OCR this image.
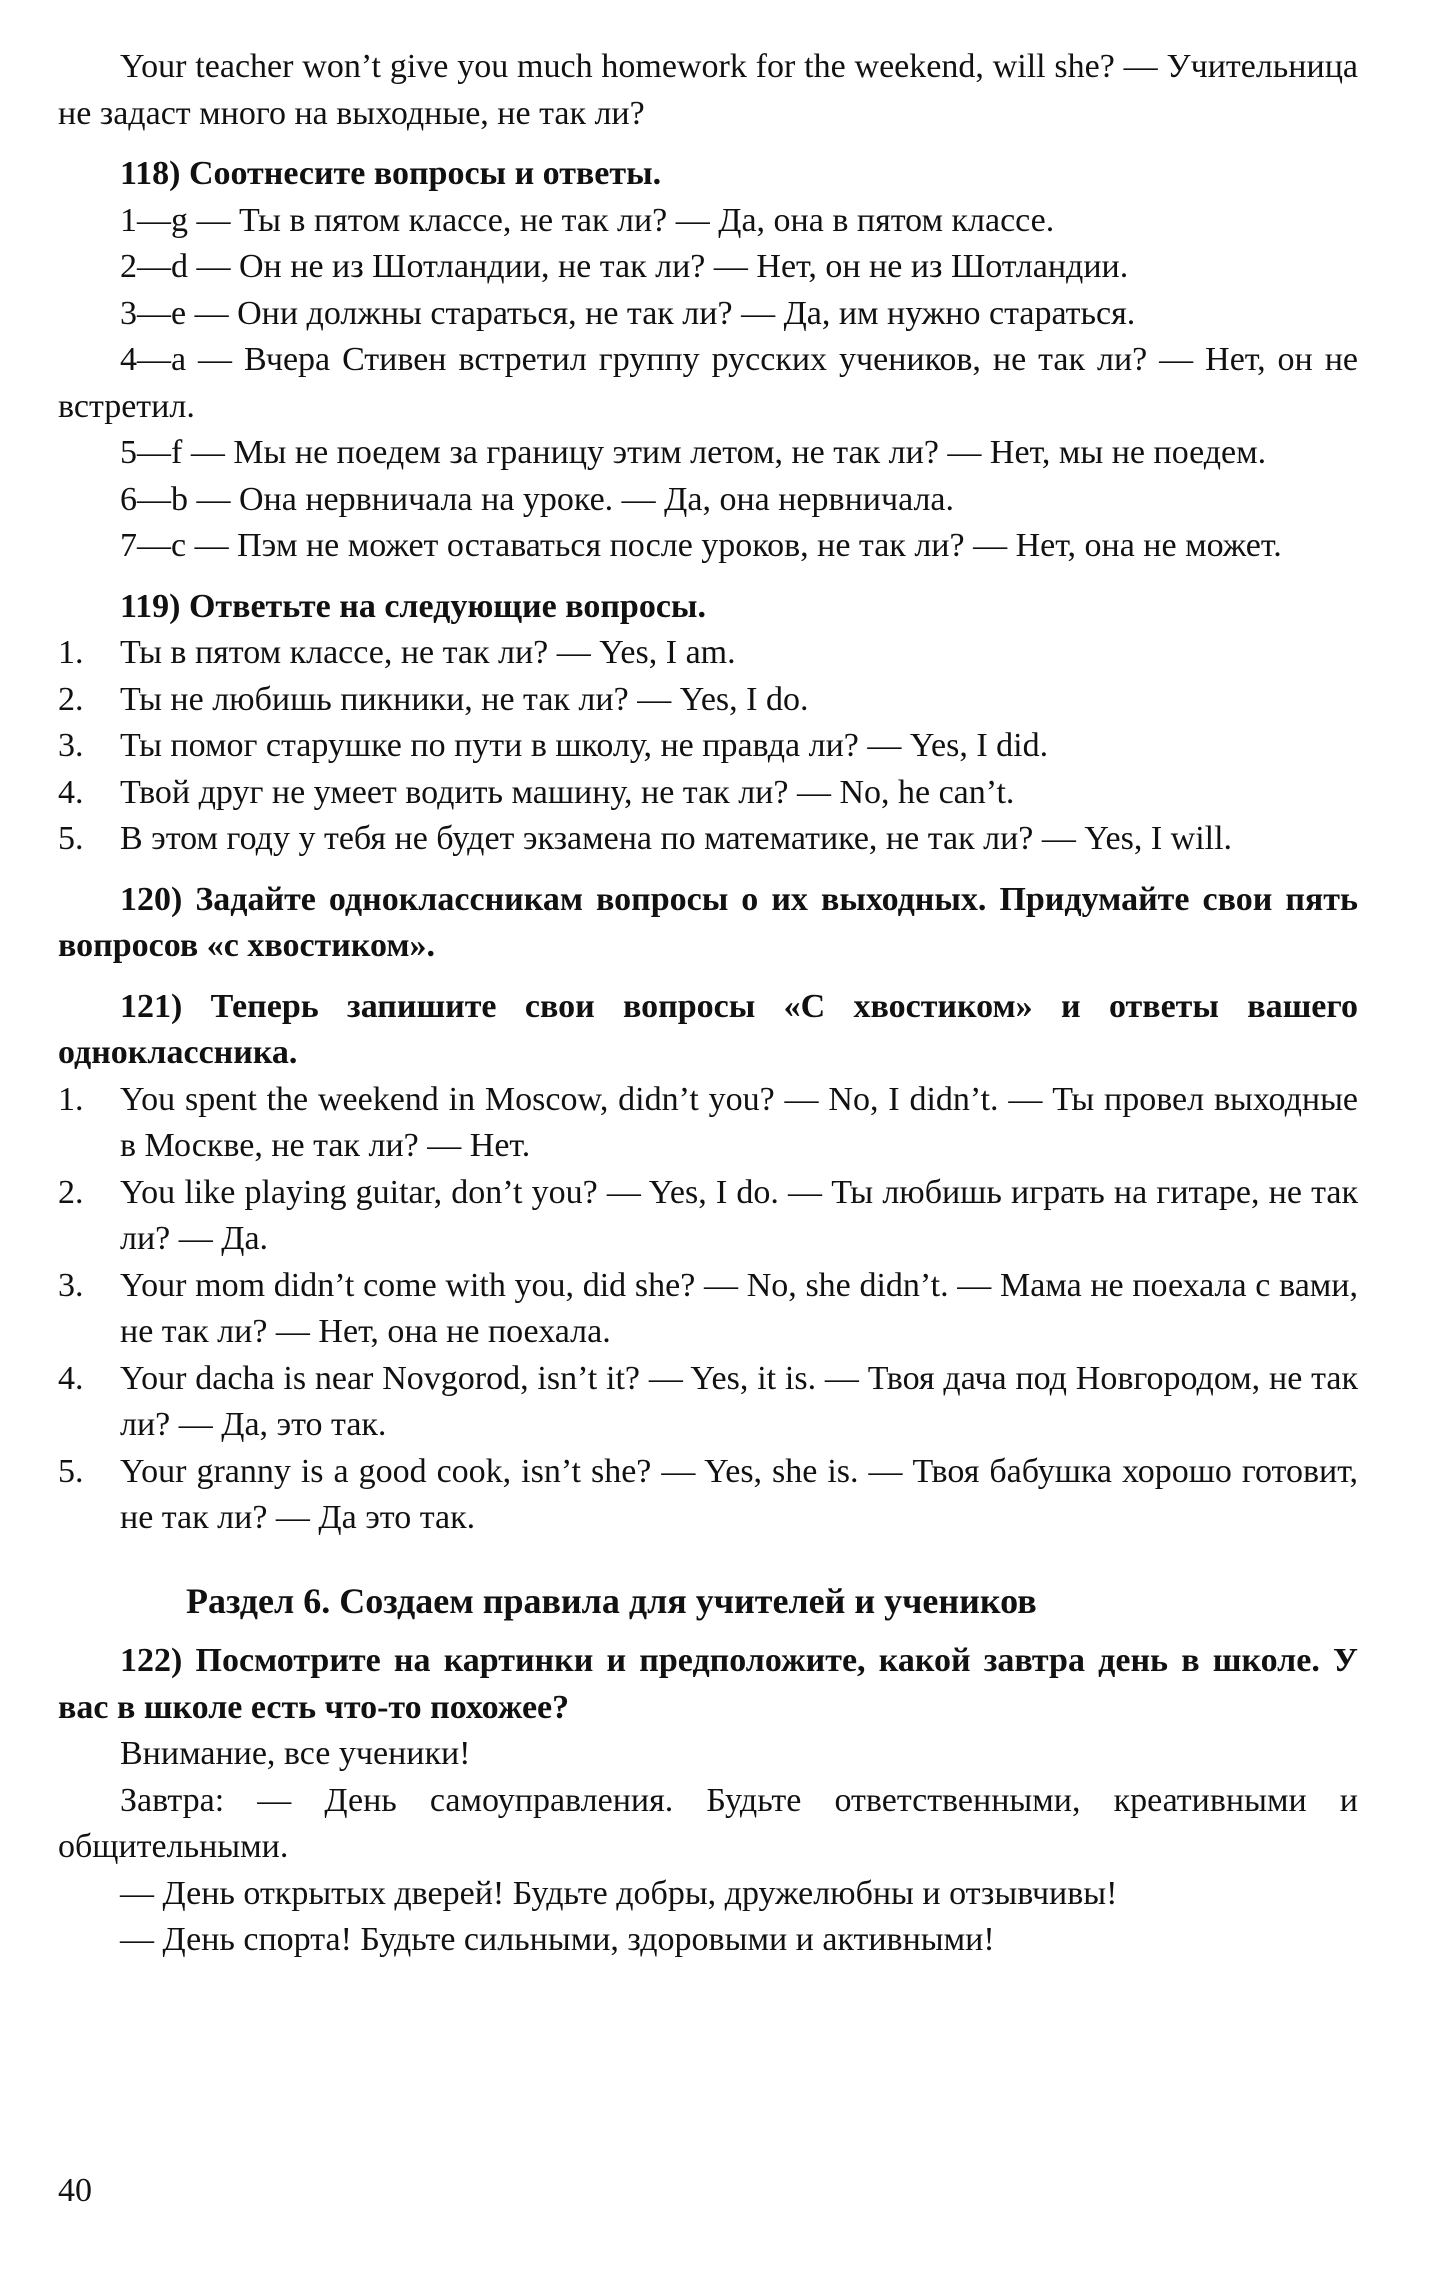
Your teacher won’t give you much homework for the weekend, will she? — Учительница не задаст много на выходные, не так ли?

118) Соотнесите вопросы и ответы.

1—g — Ты в пятом классе, не так ли? — Да, она в пятом классе.

2—d — Он не из Шотландии, не так ли? — Нет, он не из Шотландии.

3—e — Они должны стараться, не так ли? — Да, им нужно стараться.

4—a — Вчера Стивен встретил группу русских учеников, не так ли? — Нет, он не встретил.

5—f — Мы не поедем за границу этим летом, не так ли? — Нет, мы не поедем.

6—b — Она нервничала на уроке. — Да, она нервничала.

7—c — Пэм не может оставаться после уроков, не так ли? — Нет, она не может.

119) Ответьте на следующие вопросы.

1.	Ты в пятом классе, не так ли? — Yes, I am.
2.	Ты не любишь пикники, не так ли? — Yes, I do.
3.	Ты помог старушке по пути в школу, не правда ли? — Yes, I did.
4.	Твой друг не умеет водить машину, не так ли? — No, he can’t.
5.	В этом году у тебя не будет экзамена по математике, не так ли? — Yes, I will.

120) Задайте одноклассникам вопросы о их выходных. Придумайте свои пять вопросов «с хвостиком».

121) Теперь запишите свои вопросы «С хвостиком» и ответы вашего одноклассника.

1.	You spent the weekend in Moscow, didn’t you? — No, I didn’t. — Ты провел выходные в Москве, не так ли? — Нет.
2.	You like playing guitar, don’t you? — Yes, I do. — Ты любишь играть на гитаре, не так ли? — Да.
3.	Your mom didn’t come with you, did she? — No, she didn’t. — Мама не поехала с вами, не так ли? — Нет, она не поехала.
4.	Your dacha is near Novgorod, isn’t it? — Yes, it is. — Твоя дача под Новгородом, не так ли? — Да, это так.
5.	Your granny is a good cook, isn’t she? — Yes, she is. — Твоя бабушка хорошо готовит, не так ли? — Да это так.

Раздел 6. Создаем правила для учителей и учеников

122) Посмотрите на картинки и предположите, какой завтра день в школе. У вас в школе есть что-то похожее?

Внимание, все ученики!

Завтра: — День самоуправления. Будьте ответственными, креативными и общительными.

— День открытых дверей! Будьте добры, дружелюбны и отзывчивы!

— День спорта! Будьте сильными, здоровыми и активными!

40
